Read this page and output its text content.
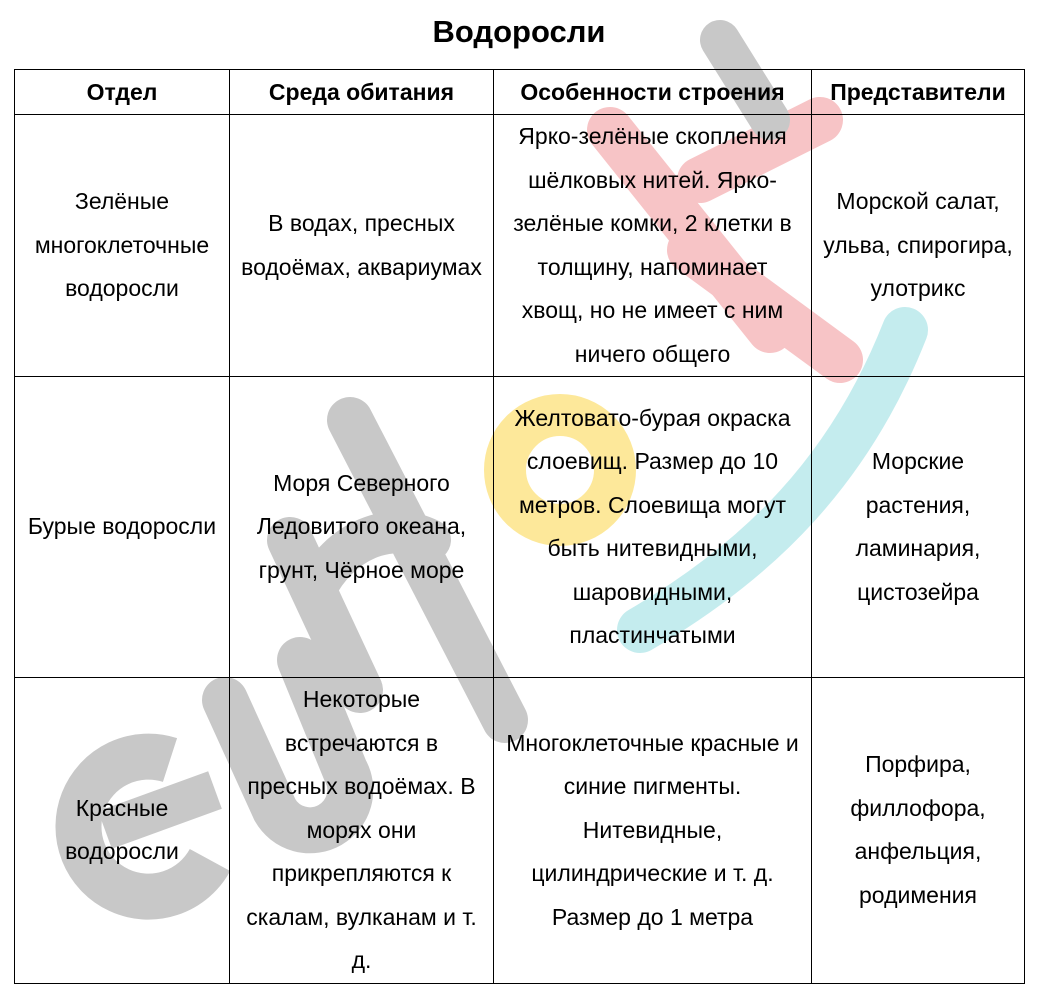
Водоросли
Отдел	Среда обитания	Особенности строения	Представители
Зелёные многоклеточные водоросли	В водах, пресных водоёмах, аквариумах	Ярко-зелёные скопления шёлковых нитей. Ярко-зелёные комки, 2 клетки в толщину, напоминает хвощ, но не имеет с ним ничего общего	Морской салат, ульва, спирогира, улотрикс
Бурые водоросли	Моря Северного Ледовитого океана, грунт, Чёрное море	Желтовато-бурая окраска слоевищ. Размер до 10 метров. Слоевища могут быть нитевидными, шаровидными, пластинчатыми	Морские растения, ламинария, цистозейра
Красные водоросли	Некоторые встречаются в пресных водоёмах. В морях они прикрепляются к скалам, вулканам и т. д.	Многоклеточные красные и синие пигменты. Нитевидные, цилиндрические и т. д. Размер до 1 метра	Порфира, филлофора, анфельция, родимения
